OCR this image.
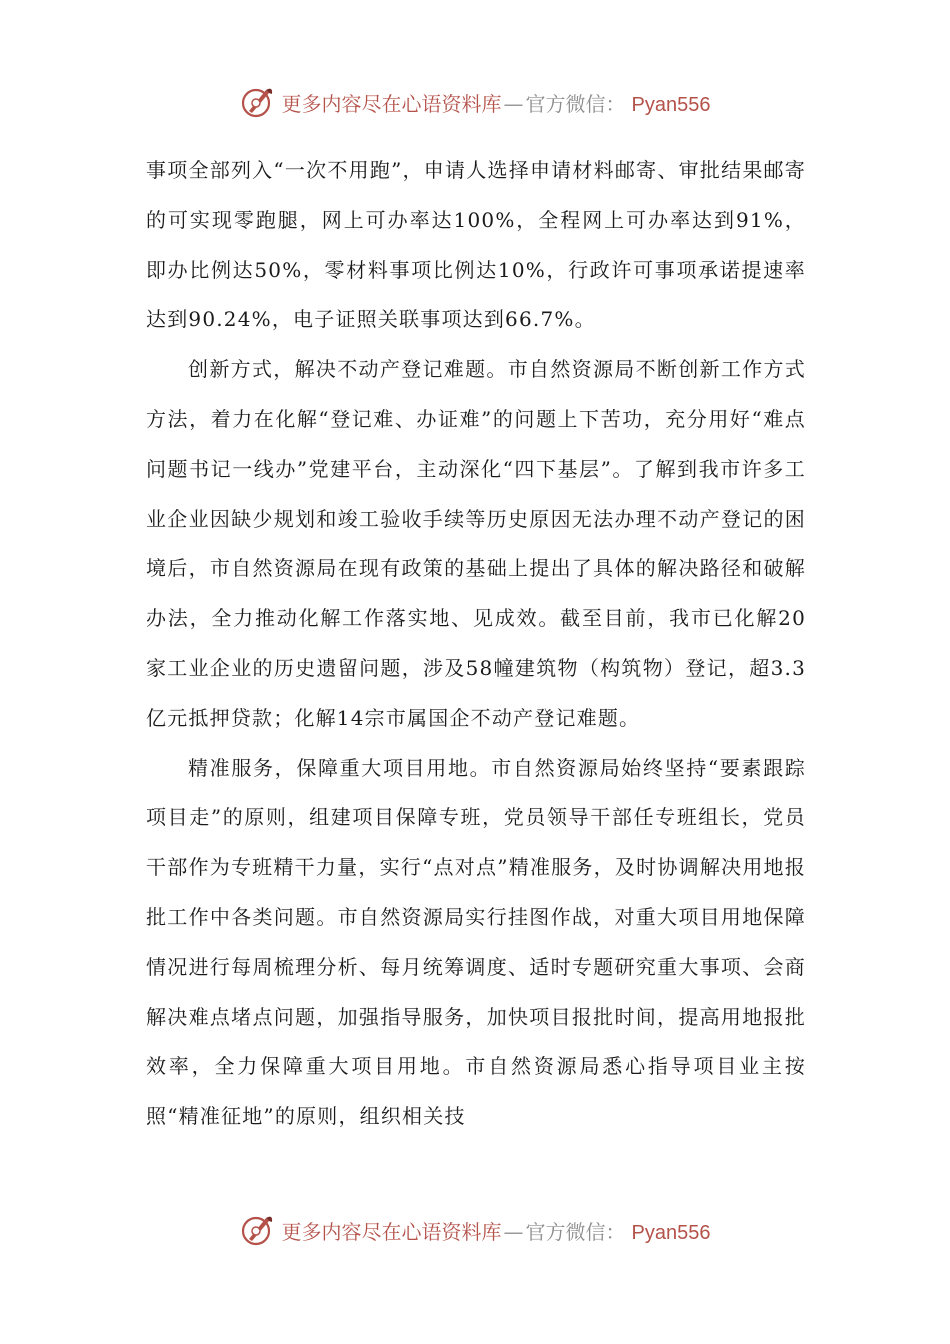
更多内容尽在心语资料库 — 官方微信： Pyan556

事项全部列入“一次不用跑”，申请人选择申请材料邮寄、审批结果邮寄的可实现零跑腿，网上可办率达100%，全程网上可办率达到91%，即办比例达50%，零材料事项比例达10%，行政许可事项承诺提速率达到90.24%，电子证照关联事项达到66.7%。

创新方式，解决不动产登记难题。市自然资源局不断创新工作方式方法，着力在化解“登记难、办证难”的问题上下苦功，充分用好“难点问题书记一线办”党建平台，主动深化“四下基层”。了解到我市许多工业企业因缺少规划和竣工验收手续等历史原因无法办理不动产登记的困境后，市自然资源局在现有政策的基础上提出了具体的解决路径和破解办法，全力推动化解工作落实地、见成效。截至目前，我市已化解20家工业企业的历史遗留问题，涉及58幢建筑物（构筑物）登记，超3.3亿元抵押贷款；化解14宗市属国企不动产登记难题。

精准服务，保障重大项目用地。市自然资源局始终坚持“要素跟踪项目走”的原则，组建项目保障专班，党员领导干部任专班组长，党员干部作为专班精干力量，实行“点对点”精准服务，及时协调解决用地报批工作中各类问题。市自然资源局实行挂图作战，对重大项目用地保障情况进行每周梳理分析、每月统筹调度、适时专题研究重大事项、会商解决难点堵点问题，加强指导服务，加快项目报批时间，提高用地报批效率，全力保障重大项目用地。市自然资源局悉心指导项目业主按照“精准征地”的原则，组织相关技

更多内容尽在心语资料库 — 官方微信： Pyan556
